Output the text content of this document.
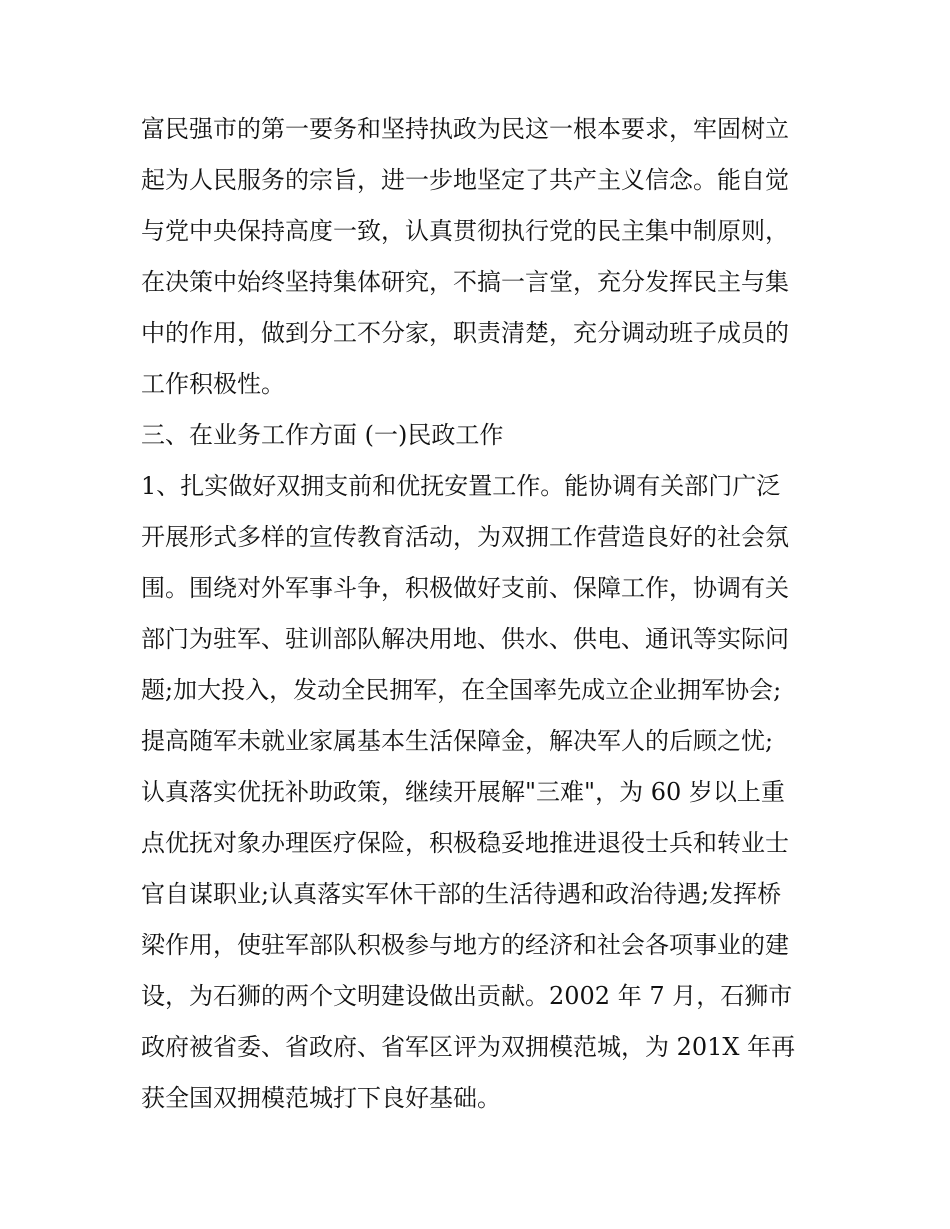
富民强市的第一要务和坚持执政为民这一根本要求，牢固树立
起为人民服务的宗旨，进一步地坚定了共产主义信念。能自觉
与党中央保持高度一致，认真贯彻执行党的民主集中制原则，
在决策中始终坚持集体研究，不搞一言堂，充分发挥民主与集
中的作用，做到分工不分家，职责清楚，充分调动班子成员的
工作积极性。
三、在业务工作方面 (一)民政工作
1、扎实做好双拥支前和优抚安置工作。能协调有关部门广泛
开展形式多样的宣传教育活动，为双拥工作营造良好的社会氛
围。围绕对外军事斗争，积极做好支前、保障工作，协调有关
部门为驻军、驻训部队解决用地、供水、供电、通讯等实际问
题;加大投入，发动全民拥军，在全国率先成立企业拥军协会;
提高随军未就业家属基本生活保障金，解决军人的后顾之忧;
认真落实优抚补助政策，继续开展解"三难"，为 60 岁以上重
点优抚对象办理医疗保险，积极稳妥地推进退役士兵和转业士
官自谋职业;认真落实军休干部的生活待遇和政治待遇;发挥桥
梁作用，使驻军部队积极参与地方的经济和社会各项事业的建
设，为石狮的两个文明建设做出贡献。2002 年 7 月，石狮市
政府被省委、省政府、省军区评为双拥模范城，为 201X 年再
获全国双拥模范城打下良好基础。
